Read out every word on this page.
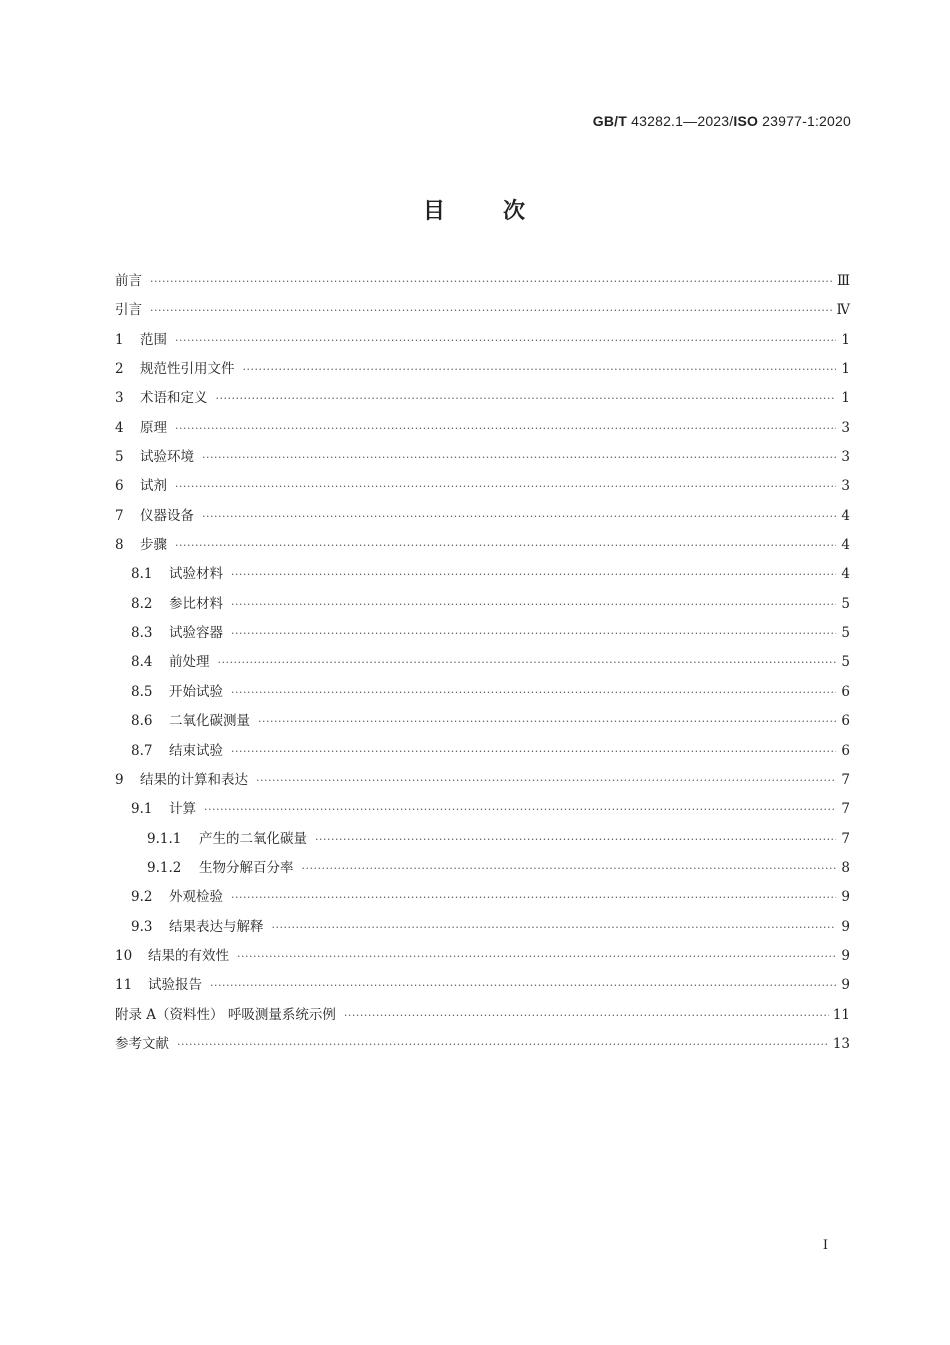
GB/T 43282.1—2023/ISO 23977-1:2020
目	次
前言 ·····	Ⅲ
引言 ·····	Ⅳ
1	范围 ·····	1
2	规范性引用文件 ·····	1
3	术语和定义 ·····	1
4	原理 ·····	3
5	试验环境 ·····	3
6	试剂 ·····	3
7	仪器设备 ·····	4
8	步骤 ·····	4
8.1	试验材料 ·····	4
8.2	参比材料 ·····	5
8.3	试验容器 ·····	5
8.4	前处理 ·····	5
8.5	开始试验 ·····	6
8.6	二氧化碳测量 ·····	6
8.7	结束试验 ·····	6
9	结果的计算和表达 ·····	7
9.1	计算 ·····	7
9.1.1	产生的二氧化碳量 ·····	7
9.1.2	生物分解百分率 ·····	8
9.2	外观检验 ·····	9
9.3	结果表达与解释 ·····	9
10	结果的有效性 ·····	9
11	试验报告 ·····	9
附录 A（资料性） 呼吸测量系统示例 ·····	11
参考文献 ·····	13
I
